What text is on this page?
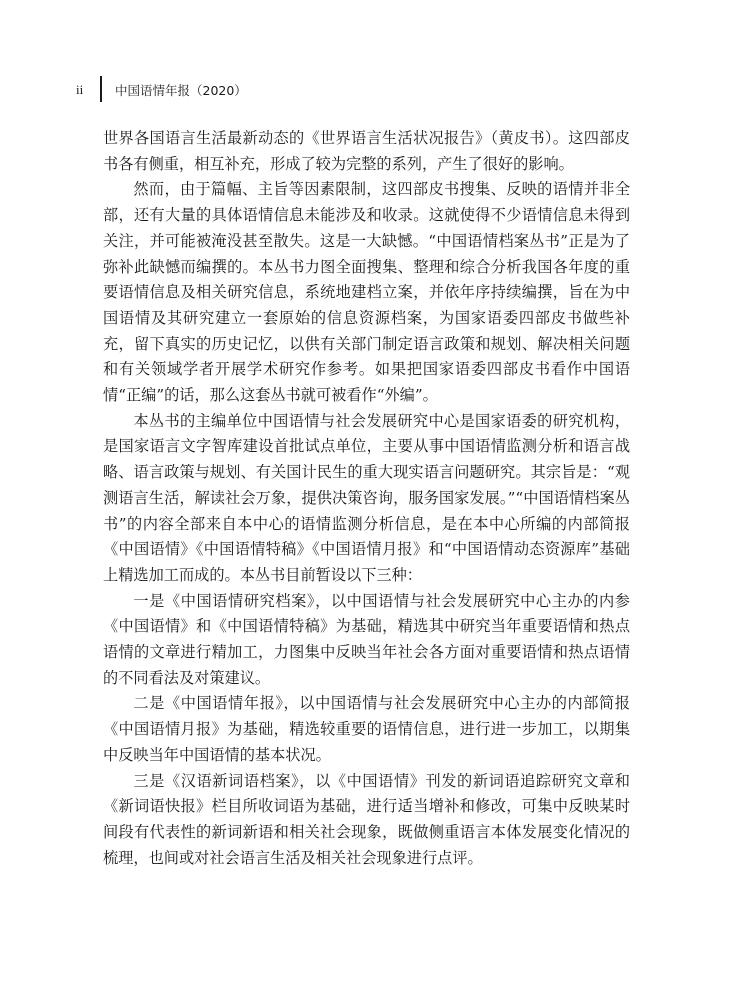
ii	中国语情年报（2020）

世界各国语言生活最新动态的《世界语言生活状况报告》（黄皮书）。这四部皮书各有侧重，相互补充，形成了较为完整的系列，产生了很好的影响。

然而，由于篇幅、主旨等因素限制，这四部皮书搜集、反映的语情并非全部，还有大量的具体语情信息未能涉及和收录。这就使得不少语情信息未得到关注，并可能被淹没甚至散失。这是一大缺憾。“中国语情档案丛书”正是为了弥补此缺憾而编撰的。本丛书力图全面搜集、整理和综合分析我国各年度的重要语情信息及相关研究信息，系统地建档立案，并依年序持续编撰，旨在为中国语情及其研究建立一套原始的信息资源档案，为国家语委四部皮书做些补充，留下真实的历史记忆，以供有关部门制定语言政策和规划、解决相关问题和有关领域学者开展学术研究作参考。如果把国家语委四部皮书看作中国语情“正编”的话，那么这套丛书就可被看作“外编”。

本丛书的主编单位中国语情与社会发展研究中心是国家语委的研究机构，是国家语言文字智库建设首批试点单位，主要从事中国语情监测分析和语言战略、语言政策与规划、有关国计民生的重大现实语言问题研究。其宗旨是：“观测语言生活，解读社会万象，提供决策咨询，服务国家发展。”“中国语情档案丛书”的内容全部来自本中心的语情监测分析信息，是在本中心所编的内部简报《中国语情》《中国语情特稿》《中国语情月报》和“中国语情动态资源库”基础上精选加工而成的。本丛书目前暂设以下三种：

一是《中国语情研究档案》，以中国语情与社会发展研究中心主办的内参《中国语情》和《中国语情特稿》为基础，精选其中研究当年重要语情和热点语情的文章进行精加工，力图集中反映当年社会各方面对重要语情和热点语情的不同看法及对策建议。

二是《中国语情年报》，以中国语情与社会发展研究中心主办的内部简报《中国语情月报》为基础，精选较重要的语情信息，进行进一步加工，以期集中反映当年中国语情的基本状况。

三是《汉语新词语档案》，以《中国语情》刊发的新词语追踪研究文章和《新词语快报》栏目所收词语为基础，进行适当增补和修改，可集中反映某时间段有代表性的新词新语和相关社会现象，既做侧重语言本体发展变化情况的梳理，也间或对社会语言生活及相关社会现象进行点评。
